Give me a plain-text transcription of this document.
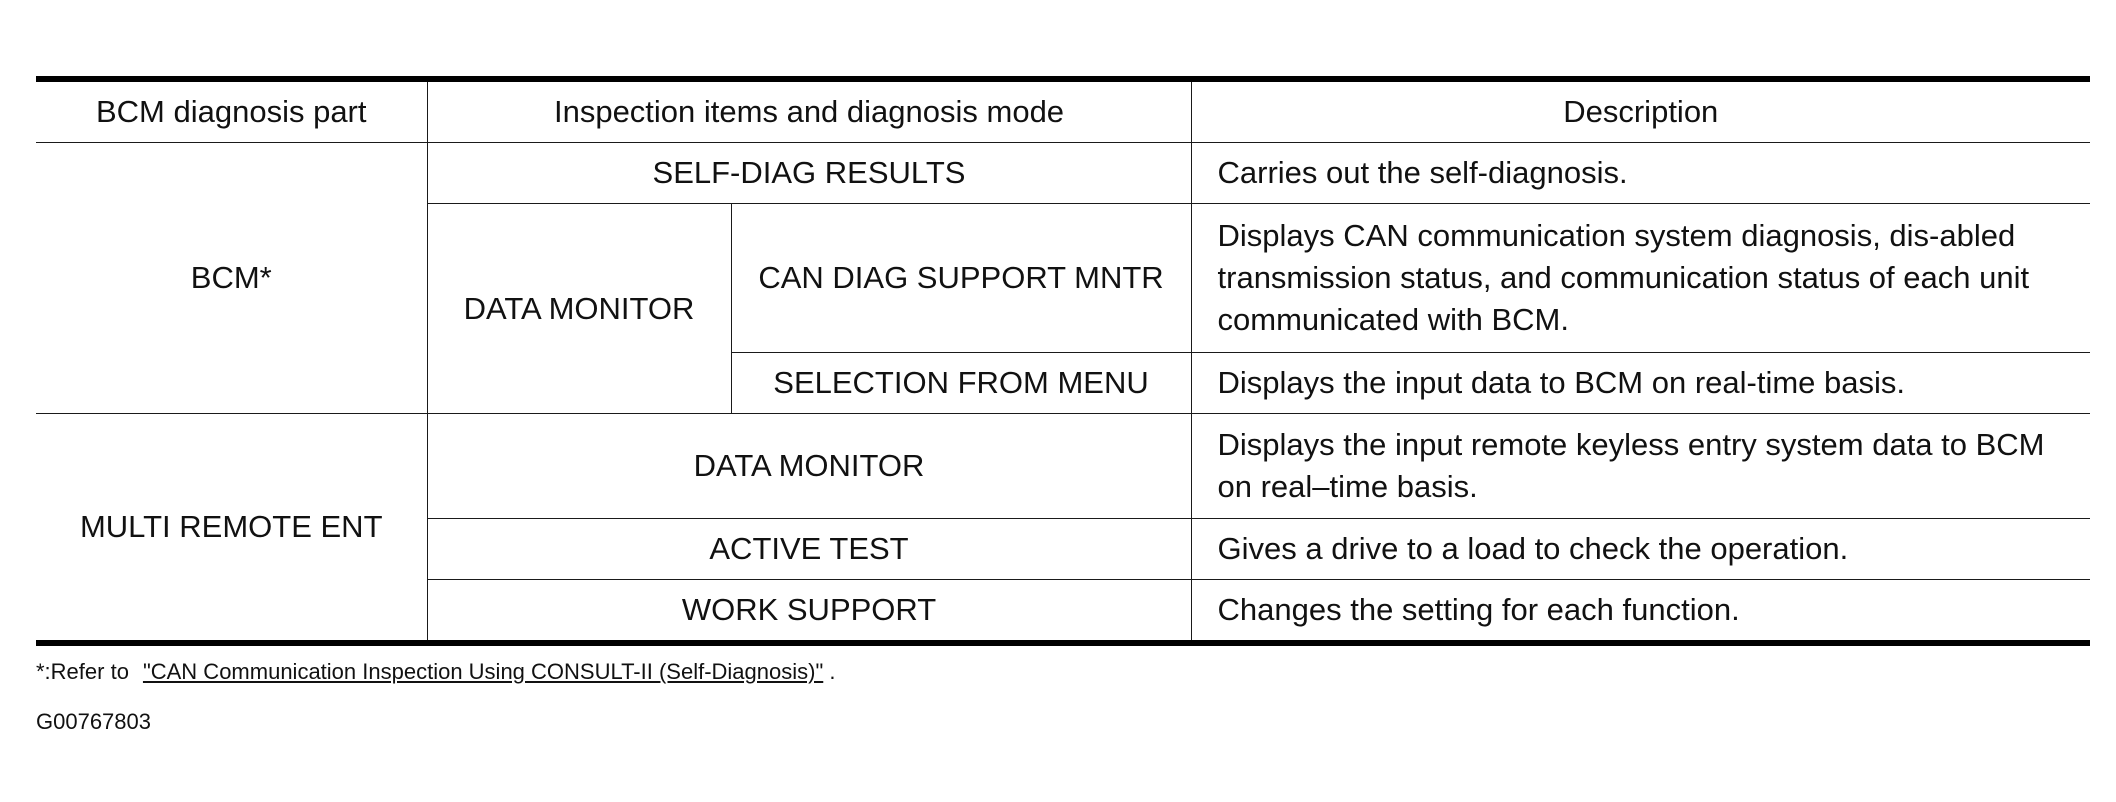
BCM diagnosis part	Inspection items and diagnosis mode		Description
BCM*	SELF-DIAG RESULTS		Carries out the self-diagnosis.
	DATA MONITOR	CAN DIAG SUPPORT MNTR	Displays CAN communication system diagnosis, dis-abled transmission status, and communication status of each unit communicated with BCM.
		SELECTION FROM MENU	Displays the input data to BCM on real-time basis.
MULTI REMOTE ENT	DATA MONITOR		Displays the input remote keyless entry system data to BCM on real–time basis.
	ACTIVE TEST		Gives a drive to a load to check the operation.
	WORK SUPPORT		Changes the setting for each function.
*:Refer to "CAN Communication Inspection Using CONSULT-II (Self-Diagnosis)" .
G00767803
